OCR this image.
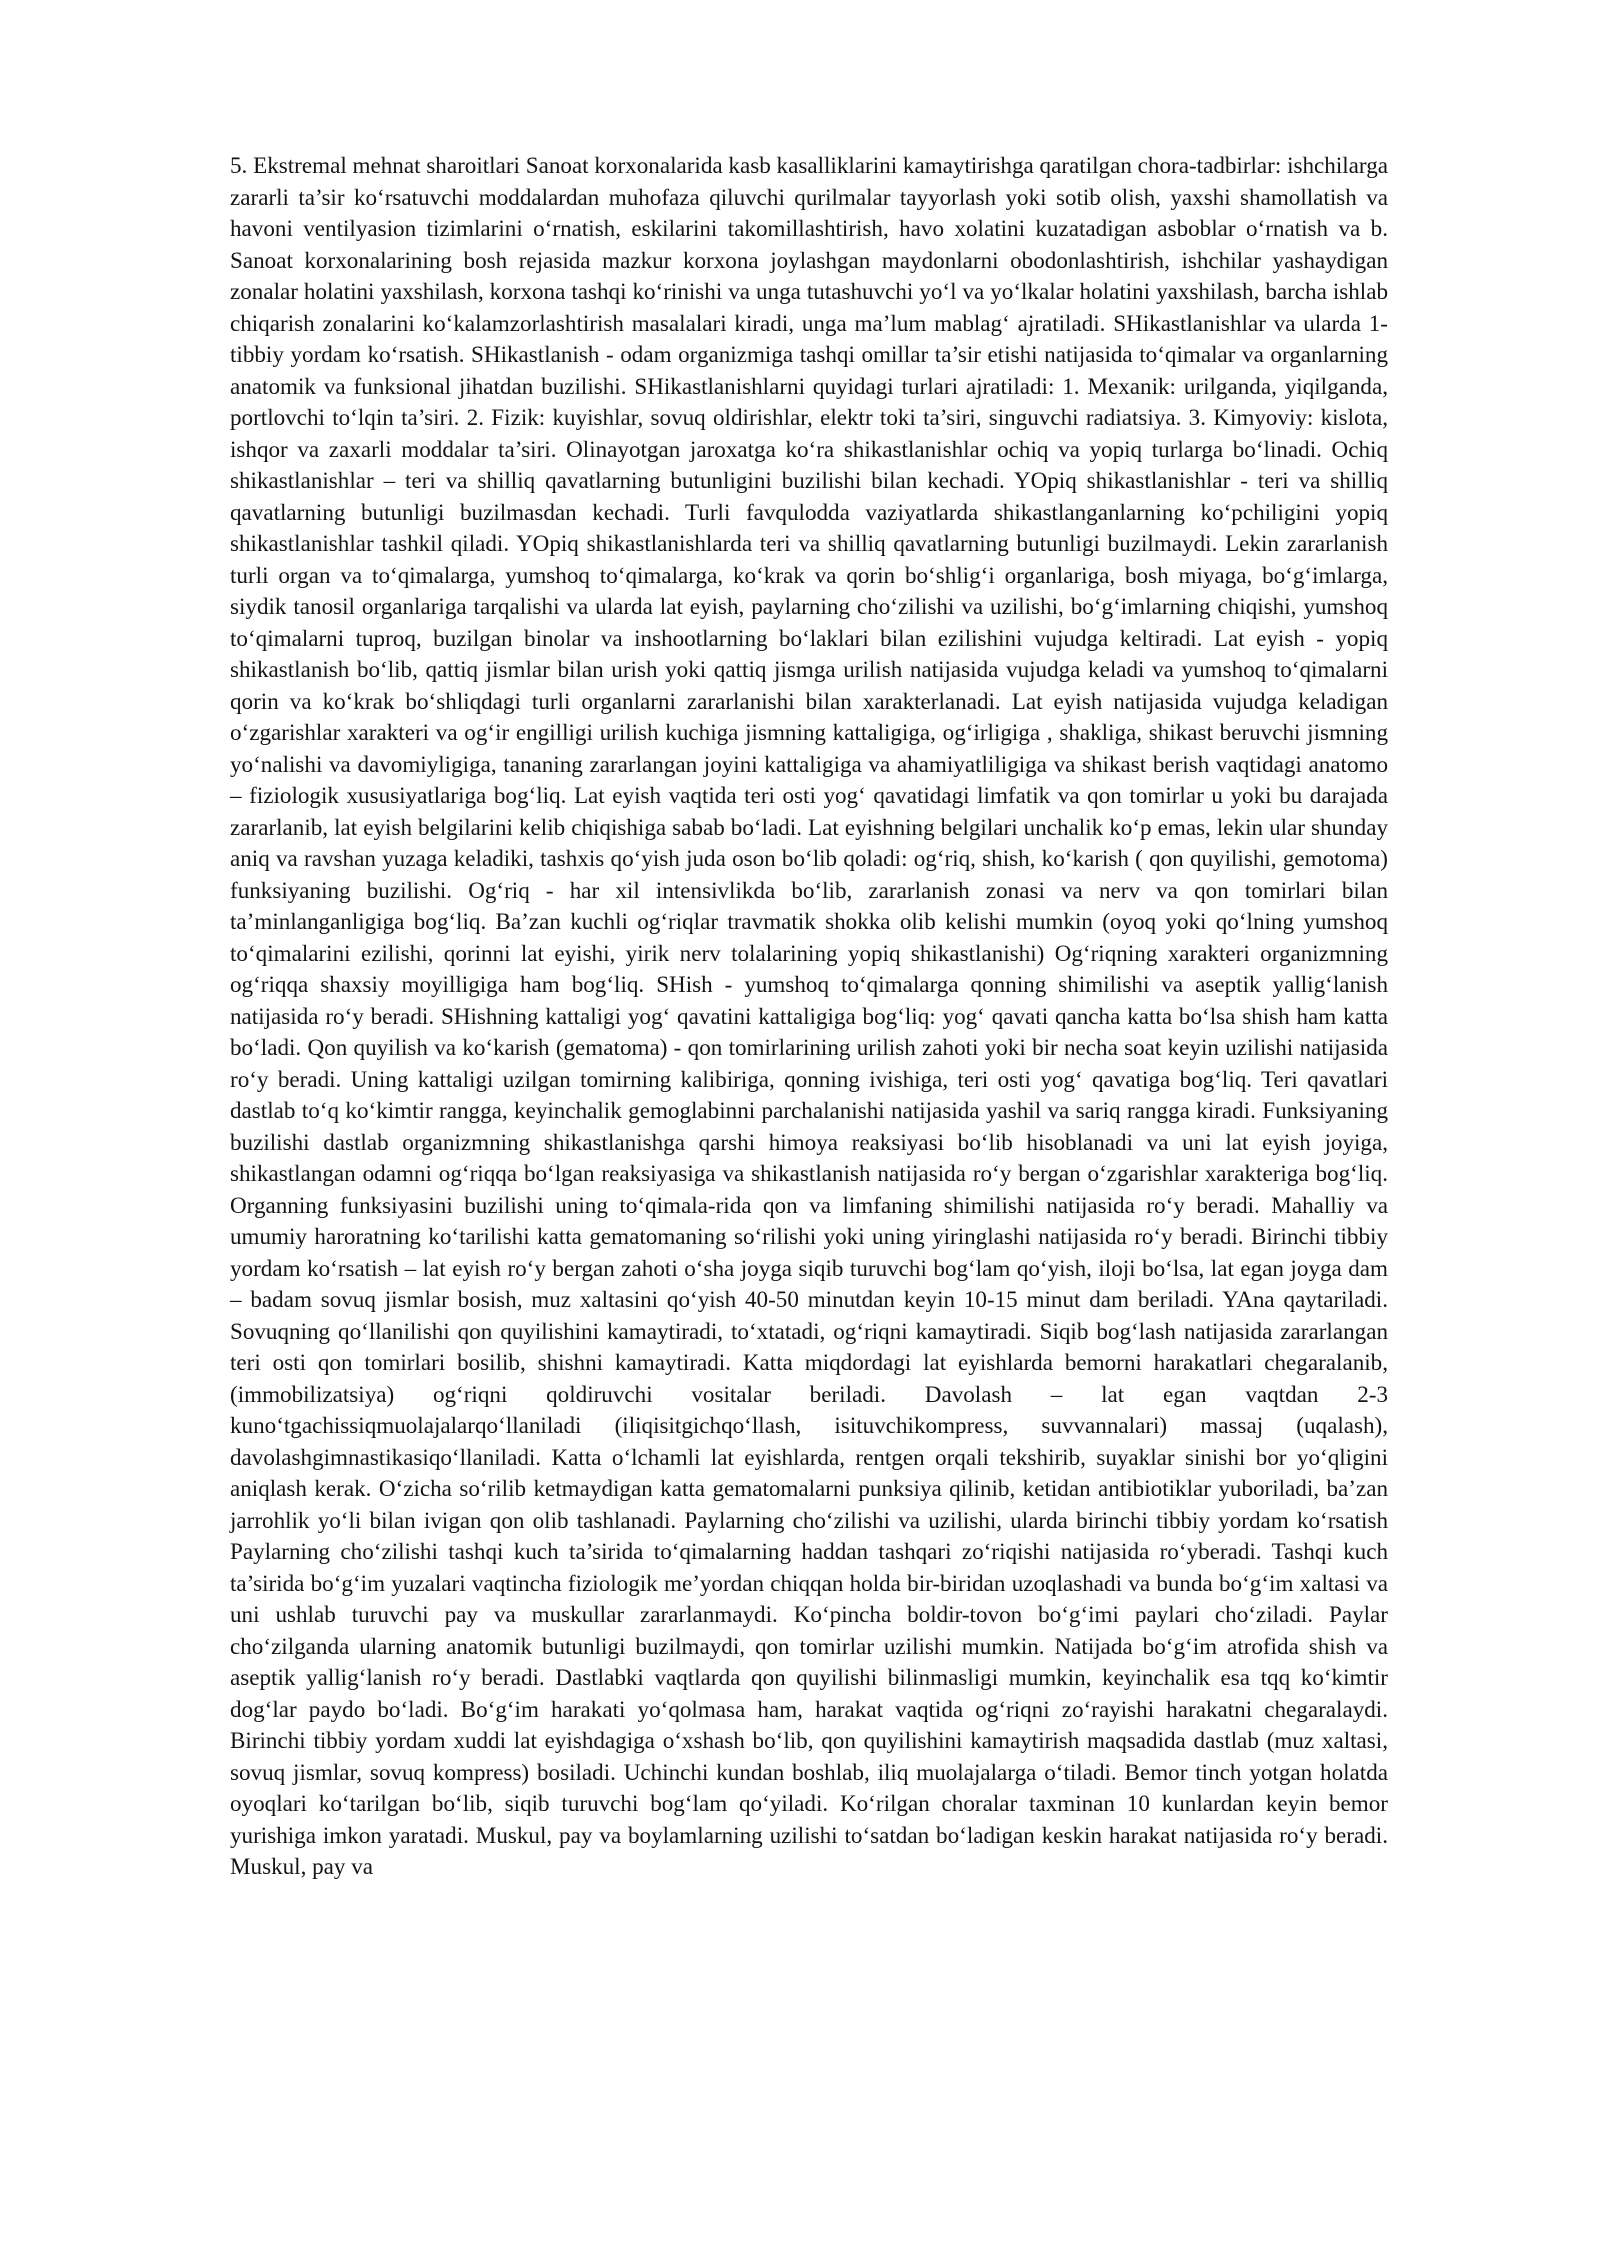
5. Ekstremal mehnat sharoitlari Sanoat korxonalarida kasb kasalliklarini kamaytirishga qaratilgan chora-tadbirlar: ishchilarga zararli ta’sir ko‘rsatuvchi moddalardan muhofaza qiluvchi qurilmalar tayyorlash yoki sotib olish, yaxshi shamollatish va havoni ventilyasion tizimlarini o‘rnatish, eskilarini takomillashtirish, havo xolatini kuzatadigan asboblar o‘rnatish va b. Sanoat korxonalarining bosh rejasida mazkur korxona joylashgan maydonlarni obodonlashtirish, ishchilar yashaydigan zonalar holatini yaxshilash, korxona tashqi ko‘rinishi va unga tutashuvchi yo‘l va yo‘lkalar holatini yaxshilash, barcha ishlab chiqarish zonalarini ko‘kalamzorlashtirish masalalari kiradi, unga ma’lum mablag‘ ajratiladi. SHikastlanishlar va ularda 1-tibbiy yordam ko‘rsatish. SHikastlanish - odam organizmiga tashqi omillar ta’sir etishi natijasida to‘qimalar va organlarning anatomik va funksional jihatdan buzilishi. SHikastlanishlarni quyidagi turlari ajratiladi: 1. Mexanik: urilganda, yiqilganda, portlovchi to‘lqin ta’siri. 2. Fizik: kuyishlar, sovuq oldirishlar, elektr toki ta’siri, singuvchi radiatsiya. 3. Kimyoviy: kislota, ishqor va zaxarli moddalar ta’siri. Olinayotgan jaroxatga ko‘ra shikastlanishlar ochiq va yopiq turlarga bo‘linadi. Ochiq shikastlanishlar – teri va shilliq qavatlarning butunligini buzilishi bilan kechadi. YOpiq shikastlanishlar - teri va shilliq qavatlarning butunligi buzilmasdan kechadi. Turli favqulodda vaziyatlarda shikastlanganlarning ko‘pchiligini yopiq shikastlanishlar tashkil qiladi. YOpiq shikastlanishlarda teri va shilliq qavatlarning butunligi buzilmaydi. Lekin zararlanish turli organ va to‘qimalarga, yumshoq to‘qimalarga, ko‘krak va qorin bo‘shlig‘i organlariga, bosh miyaga, bo‘g‘imlarga, siydik tanosil organlariga tarqalishi va ularda lat eyish, paylarning cho‘zilishi va uzilishi, bo‘g‘imlarning chiqishi, yumshoq to‘qimalarni tuproq, buzilgan binolar va inshootlarning bo‘laklari bilan ezilishini vujudga keltiradi. Lat eyish - yopiq shikastlanish bo‘lib, qattiq jismlar bilan urish yoki qattiq jismga urilish natijasida vujudga keladi va yumshoq to‘qimalarni qorin va ko‘krak bo‘shliqdagi turli organlarni zararlanishi bilan xarakterlanadi. Lat eyish natijasida vujudga keladigan o‘zgarishlar xarakteri va og‘ir engilligi urilish kuchiga jismning kattaligiga, og‘irligiga , shakliga, shikast beruvchi jismning yo‘nalishi va davomiyligiga, tananing zararlangan joyini kattaligiga va ahamiyatliligiga va shikast berish vaqtidagi anatomo – fiziologik xususiyatlariga bog‘liq. Lat eyish vaqtida teri osti yog‘ qavatidagi limfatik va qon tomirlar u yoki bu darajada zararlanib, lat eyish belgilarini kelib chiqishiga sabab bo‘ladi. Lat eyishning belgilari unchalik ko‘p emas, lekin ular shunday aniq va ravshan yuzaga keladiki, tashxis qo‘yish juda oson bo‘lib qoladi: og‘riq, shish, ko‘karish ( qon quyilishi, gemotoma) funksiyaning buzilishi. Og‘riq - har xil intensivlikda bo‘lib, zararlanish zonasi va nerv va qon tomirlari bilan ta’minlanganligiga bog‘liq. Ba’zan kuchli og‘riqlar travmatik shokka olib kelishi mumkin (oyoq yoki qo‘lning yumshoq to‘qimalarini ezilishi, qorinni lat eyishi, yirik nerv tolalarining yopiq shikastlanishi) Og‘riqning xarakteri organizmning og‘riqqa shaxsiy moyilligiga ham bog‘liq. SHish - yumshoq to‘qimalarga qonning shimilishi va aseptik yallig‘lanish natijasida ro‘y beradi. SHishning kattaligi yog‘ qavatini kattaligiga bog‘liq: yog‘ qavati qancha katta bo‘lsa shish ham katta bo‘ladi. Qon quyilish va ko‘karish (gematoma) - qon tomirlarining urilish zahoti yoki bir necha soat keyin uzilishi natijasida ro‘y beradi. Uning kattaligi uzilgan tomirning kalibiriga, qonning ivishiga, teri osti yog‘ qavatiga bog‘liq. Teri qavatlari dastlab to‘q ko‘kimtir rangga, keyinchalik gemoglabinni parchalanishi natijasida yashil va sariq rangga kiradi. Funksiyaning buzilishi dastlab organizmning shikastlanishga qarshi himoya reaksiyasi bo‘lib hisoblanadi va uni lat eyish joyiga, shikastlangan odamni og‘riqqa bo‘lgan reaksiyasiga va shikastlanish natijasida ro‘y bergan o‘zgarishlar xarakteriga bog‘liq. Organning funksiyasini buzilishi uning to‘qimala-rida qon va limfaning shimilishi natijasida ro‘y beradi. Mahalliy va umumiy haroratning ko‘tarilishi katta gematomaning so‘rilishi yoki uning yiringlashi natijasida ro‘y beradi. Birinchi tibbiy yordam ko‘rsatish – lat eyish ro‘y bergan zahoti o‘sha joyga siqib turuvchi bog‘lam qo‘yish, iloji bo‘lsa, lat egan joyga dam – badam sovuq jismlar bosish, muz xaltasini qo‘yish 40-50 minutdan keyin 10-15 minut dam beriladi. YAna qaytariladi. Sovuqning qo‘llanilishi qon quyilishini kamaytiradi, to‘xtatadi, og‘riqni kamaytiradi. Siqib bog‘lash natijasida zararlangan teri osti qon tomirlari bosilib, shishni kamaytiradi. Katta miqdordagi lat eyishlarda bemorni harakatlari chegaralanib, (immobilizatsiya) og‘riqni qoldiruvchi vositalar beriladi. Davolash – lat egan vaqtdan 2-3 kuno‘tgachissiqmuolajalarqo‘llaniladi (iliqisitgichqo‘llash, isituvchikompress, suvvannalari) massaj (uqalash), davolashgimnastikasiqo‘llaniladi. Katta o‘lchamli lat eyishlarda, rentgen orqali tekshirib, suyaklar sinishi bor yo‘qligini aniqlash kerak. O‘zicha so‘rilib ketmaydigan katta gematomalarni punksiya qilinib, ketidan antibiotiklar yuboriladi, ba’zan jarrohlik yo‘li bilan ivigan qon olib tashlanadi. Paylarning cho‘zilishi va uzilishi, ularda birinchi tibbiy yordam ko‘rsatish Paylarning cho‘zilishi tashqi kuch ta’sirida to‘qimalarning haddan tashqari zo‘riqishi natijasida ro‘yberadi. Tashqi kuch ta’sirida bo‘g‘im yuzalari vaqtincha fiziologik me’yordan chiqqan holda bir-biridan uzoqlashadi va bunda bo‘g‘im xaltasi va uni ushlab turuvchi pay va muskullar zararlanmaydi. Ko‘pincha boldir-tovon bo‘g‘imi paylari cho‘ziladi. Paylar cho‘zilganda ularning anatomik butunligi buzilmaydi, qon tomirlar uzilishi mumkin. Natijada bo‘g‘im atrofida shish va aseptik yallig‘lanish ro‘y beradi. Dastlabki vaqtlarda qon quyilishi bilinmasligi mumkin, keyinchalik esa tqq ko‘kimtir dog‘lar paydo bo‘ladi. Bo‘g‘im harakati yo‘qolmasa ham, harakat vaqtida og‘riqni zo‘rayishi harakatni chegaralaydi. Birinchi tibbiy yordam xuddi lat eyishdagiga o‘xshash bo‘lib, qon quyilishini kamaytirish maqsadida dastlab (muz xaltasi, sovuq jismlar, sovuq kompress) bosiladi. Uchinchi kundan boshlab, iliq muolajalarga o‘tiladi. Bemor tinch yotgan holatda oyoqlari ko‘tarilgan bo‘lib, siqib turuvchi bog‘lam qo‘yiladi. Ko‘rilgan choralar taxminan 10 kunlardan keyin bemor yurishiga imkon yaratadi. Muskul, pay va boylamlarning uzilishi to‘satdan bo‘ladigan keskin harakat natijasida ro‘y beradi. Muskul, pay va
